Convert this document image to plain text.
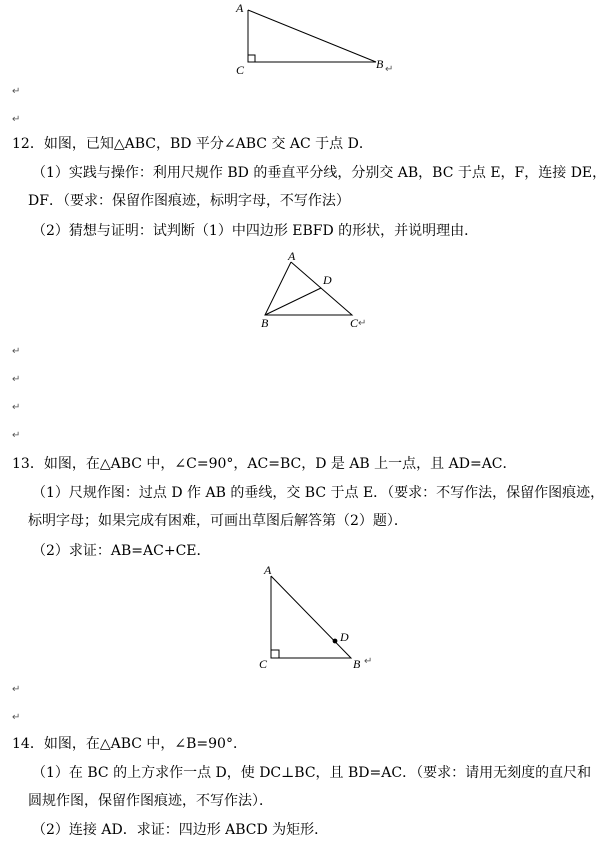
A
C	B ↵
↵
↵
12．如图，已知△ABC，BD 平分∠ABC 交 AC 于点 D．
（1）实践与操作：利用尺规作 BD 的垂直平分线，分别交 AB，BC 于点 E，F，连接 DE，
DF．（要求：保留作图痕迹，标明字母，不写作法）
（2）猜想与证明：试判断（1）中四边形 EBFD 的形状，并说明理由．
A
D
B	C ↵
↵
↵
↵
↵
13．如图，在△ABC 中，∠C=90°，AC=BC，D 是 AB 上一点，且 AD=AC．
（1）尺规作图：过点 D 作 AB 的垂线，交 BC 于点 E．（要求：不写作法，保留作图痕迹，
标明字母；如果完成有困难，可画出草图后解答第（2）题）．
（2）求证：AB=AC+CE．
A
D
C	B ↵
↵
↵
14．如图，在△ABC 中，∠B=90°．
（1）在 BC 的上方求作一点 D，使 DC⊥BC，且 BD=AC．（要求：请用无刻度的直尺和
圆规作图，保留作图痕迹，不写作法）．
（2）连接 AD．求证：四边形 ABCD 为矩形．
